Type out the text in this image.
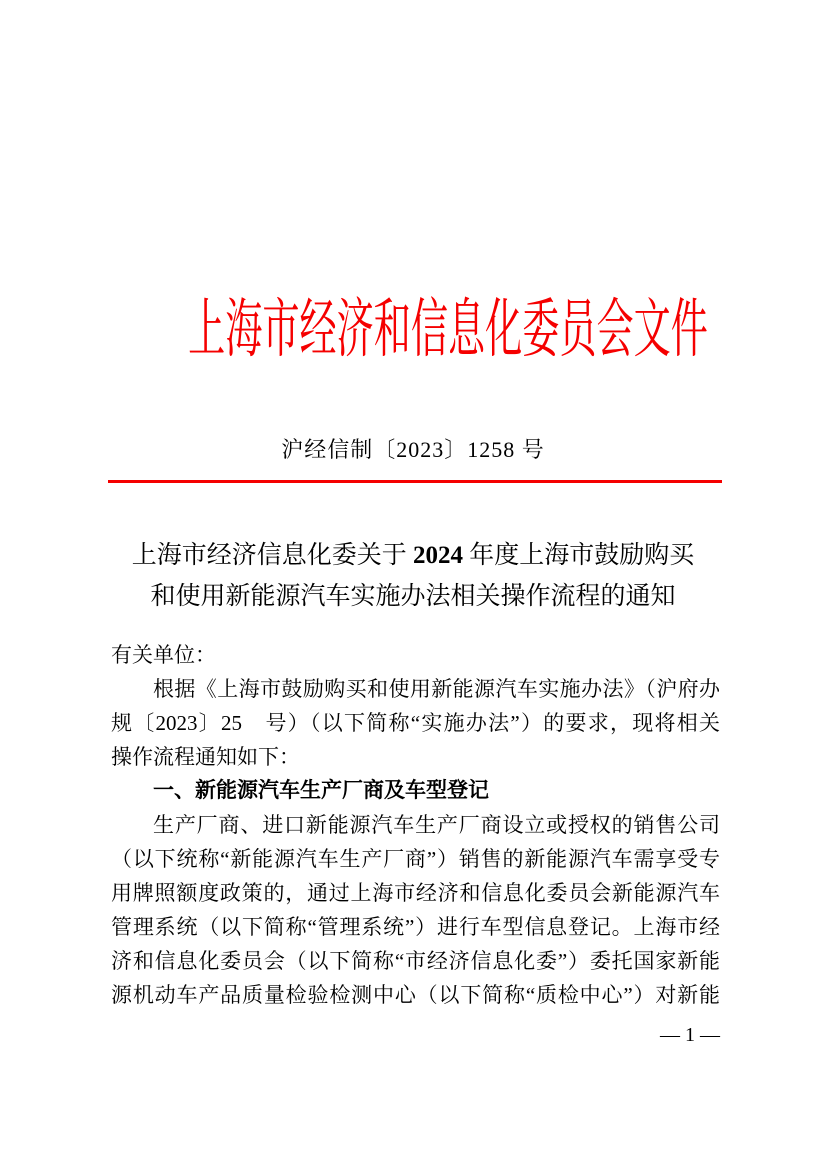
上海市经济和信息化委员会文件
沪经信制〔2023〕1258 号
上海市经济信息化委关于 2024 年度上海市鼓励购买
和使用新能源汽车实施办法相关操作流程的通知
有关单位：
根据《上海市鼓励购买和使用新能源汽车实施办法》（沪府办
规〔2023〕25　号）（以下简称“实施办法”）的要求，现将相关
操作流程通知如下：
一、新能源汽车生产厂商及车型登记
生产厂商、进口新能源汽车生产厂商设立或授权的销售公司
（以下统称“新能源汽车生产厂商”）销售的新能源汽车需享受专
用牌照额度政策的，通过上海市经济和信息化委员会新能源汽车
管理系统（以下简称“管理系统”）进行车型信息登记。上海市经
济和信息化委员会（以下简称“市经济信息化委”）委托国家新能
源机动车产品质量检验检测中心（以下简称“质检中心”）对新能
— 1 —
